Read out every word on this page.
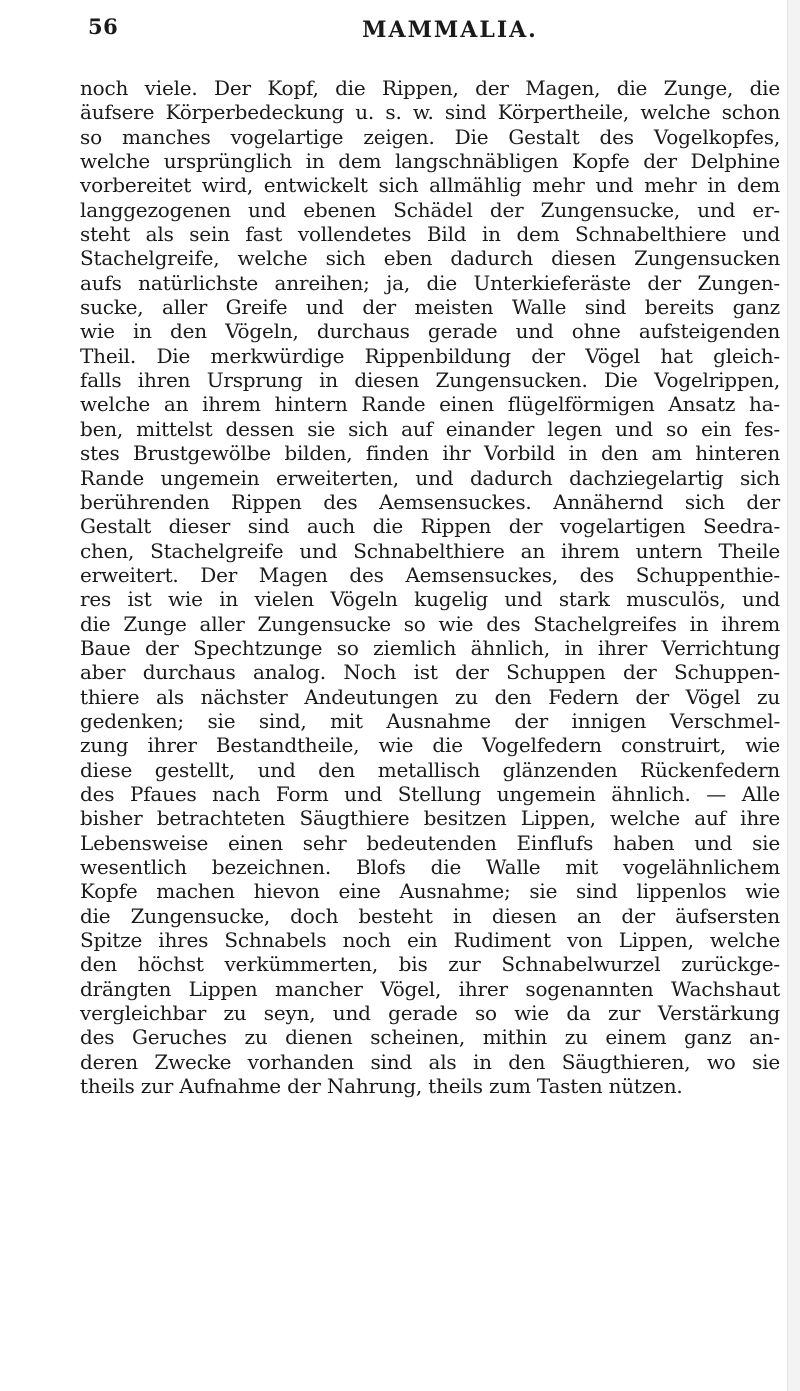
56	MAMMALIA.
noch viele. Der Kopf, die Rippen, der Magen, die Zunge, die
äufsere Körperbedeckung u. s. w. sind Körpertheile, welche schon
so manches vogelartige zeigen. Die Gestalt des Vogelkopfes,
welche ursprünglich in dem langschnäbligen Kopfe der Delphine
vorbereitet wird, entwickelt sich allmählig mehr und mehr in dem
langgezogenen und ebenen Schädel der Zungensucke, und er-
steht als sein fast vollendetes Bild in dem Schnabelthiere und
Stachelgreife, welche sich eben dadurch diesen Zungensucken
aufs natürlichste anreihen; ja, die Unterkieferäste der Zungen-
sucke, aller Greife und der meisten Walle sind bereits ganz
wie in den Vögeln, durchaus gerade und ohne aufsteigenden
Theil. Die merkwürdige Rippenbildung der Vögel hat gleich-
falls ihren Ursprung in diesen Zungensucken. Die Vogelrippen,
welche an ihrem hintern Rande einen flügelförmigen Ansatz ha-
ben, mittelst dessen sie sich auf einander legen und so ein fes-
stes Brustgewölbe bilden, finden ihr Vorbild in den am hinteren
Rande ungemein erweiterten, und dadurch dachziegelartig sich
berührenden Rippen des Aemsensuckes. Annähernd sich der
Gestalt dieser sind auch die Rippen der vogelartigen Seedra-
chen, Stachelgreife und Schnabelthiere an ihrem untern Theile
erweitert. Der Magen des Aemsensuckes, des Schuppenthie-
res ist wie in vielen Vögeln kugelig und stark musculös, und
die Zunge aller Zungensucke so wie des Stachelgreifes in ihrem
Baue der Spechtzunge so ziemlich ähnlich, in ihrer Verrichtung
aber durchaus analog. Noch ist der Schuppen der Schuppen-
thiere als nächster Andeutungen zu den Federn der Vögel zu
gedenken; sie sind, mit Ausnahme der innigen Verschmel-
zung ihrer Bestandtheile, wie die Vogelfedern construirt, wie
diese gestellt, und den metallisch glänzenden Rückenfedern
des Pfaues nach Form und Stellung ungemein ähnlich. — Alle
bisher betrachteten Säugthiere besitzen Lippen, welche auf ihre
Lebensweise einen sehr bedeutenden Einflufs haben und sie
wesentlich bezeichnen. Blofs die Walle mit vogelähnlichem
Kopfe machen hievon eine Ausnahme; sie sind lippenlos wie
die Zungensucke, doch besteht in diesen an der äufsersten
Spitze ihres Schnabels noch ein Rudiment von Lippen, welche
den höchst verkümmerten, bis zur Schnabelwurzel zurückge-
drängten Lippen mancher Vögel, ihrer sogenannten Wachshaut
vergleichbar zu seyn, und gerade so wie da zur Verstärkung
des Geruches zu dienen scheinen, mithin zu einem ganz an-
deren Zwecke vorhanden sind als in den Säugthieren, wo sie
theils zur Aufnahme der Nahrung, theils zum Tasten nützen.
